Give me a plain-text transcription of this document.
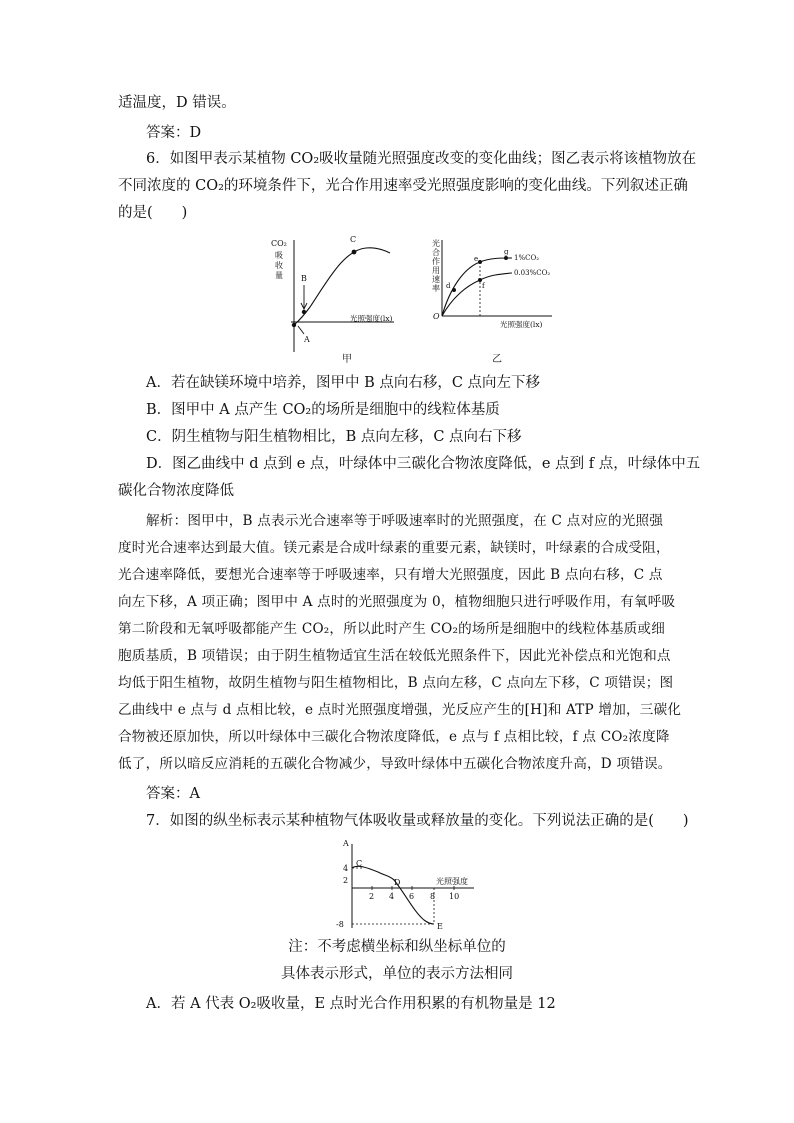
适温度，D 错误。
答案：D
6．如图甲表示某植物 CO₂吸收量随光照强度改变的变化曲线；图乙表示将该植物放在
不同浓度的 CO₂的环境条件下，光合作用速率受光照强度影响的变化曲线。下列叙述正确
的是(　　)
CO₂
吸
收
量
C
B
A
光照强度(lx)
甲
光
合
作
用
速
率
O
d
e
f
g
1%CO₂
0.03%CO₂
光照强度(lx)
乙
A．若在缺镁环境中培养，图甲中 B 点向右移，C 点向左下移
B．图甲中 A 点产生 CO₂的场所是细胞中的线粒体基质
C．阴生植物与阳生植物相比，B 点向左移，C 点向右下移
D．图乙曲线中 d 点到 e 点，叶绿体中三碳化合物浓度降低，e 点到 f 点，叶绿体中五
碳化合物浓度降低
解析：图甲中，B 点表示光合速率等于呼吸速率时的光照强度，在 C 点对应的光照强
度时光合速率达到最大值。镁元素是合成叶绿素的重要元素，缺镁时，叶绿素的合成受阻，
光合速率降低，要想光合速率等于呼吸速率，只有增大光照强度，因此 B 点向右移，C 点
向左下移，A 项正确；图甲中 A 点时的光照强度为 0，植物细胞只进行呼吸作用，有氧呼吸
第二阶段和无氧呼吸都能产生 CO₂，所以此时产生 CO₂的场所是细胞中的线粒体基质或细
胞质基质，B 项错误；由于阴生植物适宜生活在较低光照条件下，因此光补偿点和光饱和点
均低于阳生植物，故阴生植物与阳生植物相比，B 点向左移，C 点向左下移，C 项错误；图
乙曲线中 e 点与 d 点相比较，e 点时光照强度增强，光反应产生的[H]和 ATP 增加，三碳化
合物被还原加快，所以叶绿体中三碳化合物浓度降低，e 点与 f 点相比较，f 点 CO₂浓度降
低了，所以暗反应消耗的五碳化合物减少，导致叶绿体中五碳化合物浓度升高，D 项错误。
答案：A
7．如图的纵坐标表示某种植物气体吸收量或释放量的变化。下列说法正确的是(　　)
A
4
2
-8
2 4 6 8 10
光照强度
C
D
E
注：不考虑横坐标和纵坐标单位的
具体表示形式，单位的表示方法相同
A．若 A 代表 O₂吸收量，E 点时光合作用积累的有机物量是 12
